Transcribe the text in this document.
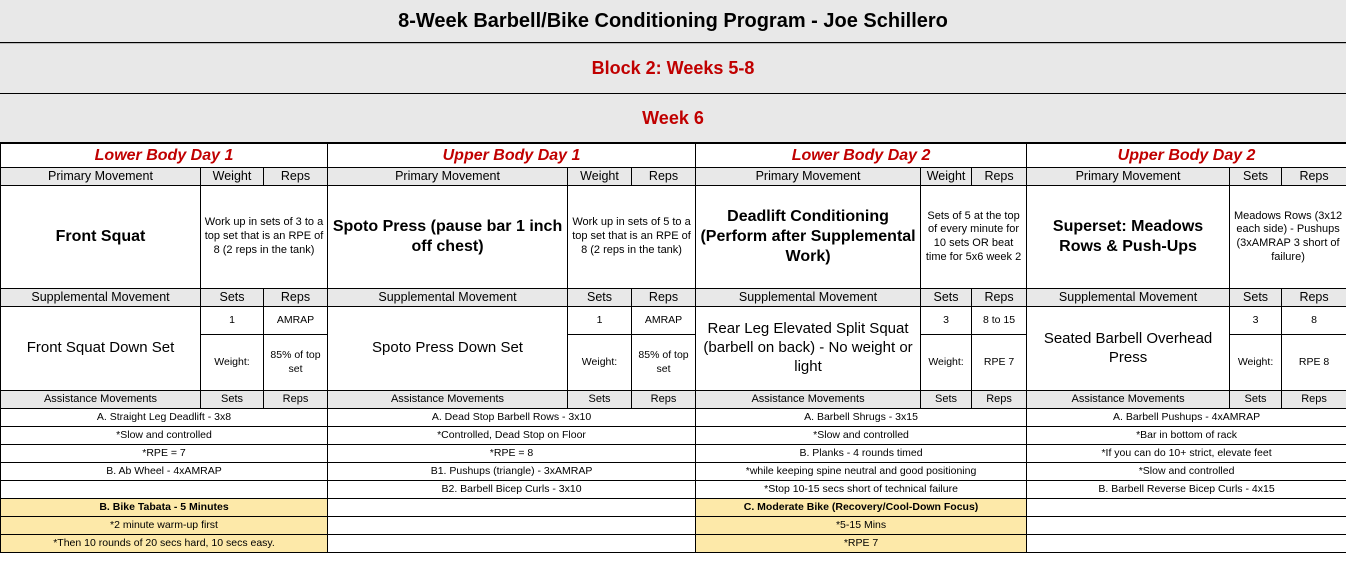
8-Week Barbell/Bike Conditioning Program - Joe Schillero
Block 2: Weeks 5-8
Week 6
Lower Body Day 1			Upper Body Day 1			Lower Body Day 2			Upper Body Day 2		
Primary Movement	Weight	Reps	Primary Movement	Weight	Reps	Primary Movement	Weight	Reps	Primary Movement	Sets	Reps
Front Squat	Work up in sets of 3 to a top set that is an RPE of 8 (2 reps in the tank)		Spoto Press (pause bar 1 inch off chest)	Work up in sets of 5 to a top set that is an RPE of 8 (2 reps in the tank)		Deadlift Conditioning (Perform after Supplemental Work)	Sets of 5 at the top of every minute for 10 sets OR beat time for 5x6 week 2		Superset: Meadows Rows & Push-Ups	Meadows Rows (3x12 each side) - Pushups (3xAMRAP 3 short of failure)	
Supplemental Movement	Sets	Reps	Supplemental Movement	Sets	Reps	Supplemental Movement	Sets	Reps	Supplemental Movement	Sets	Reps
Front Squat Down Set	1	AMRAP	Spoto Press Down Set	1	AMRAP	Rear Leg Elevated Split Squat (barbell on back) - No weight or light	3	8 to 15	Seated Barbell Overhead Press	3	8
	Weight:	85% of top set		Weight:	85% of top set		Weight:	RPE 7		Weight:	RPE 8
Assistance Movements	Sets	Reps	Assistance Movements	Sets	Reps	Assistance Movements	Sets	Reps	Assistance Movements	Sets	Reps
A. Straight Leg Deadlift - 3x8			A. Dead Stop Barbell Rows - 3x10			A. Barbell Shrugs - 3x15			A. Barbell Pushups - 4xAMRAP		
*Slow and controlled			*Controlled, Dead Stop on Floor			*Slow and controlled			*Bar in bottom of rack		
*RPE = 7			*RPE = 8			B. Planks - 4 rounds timed			*If you can do 10+ strict, elevate feet		
B. Ab Wheel - 4xAMRAP			B1. Pushups (triangle) - 3xAMRAP			*while keeping spine neutral and good positioning			*Slow and controlled		
			B2. Barbell Bicep Curls - 3x10			*Stop 10-15 secs short of technical failure			B. Barbell Reverse Bicep Curls - 4x15		
B. Bike Tabata - 5 Minutes						C. Moderate Bike (Recovery/Cool-Down Focus)					
*2 minute warm-up first						*5-15 Mins					
*Then 10 rounds of 20 secs hard, 10 secs easy.						*RPE 7					
